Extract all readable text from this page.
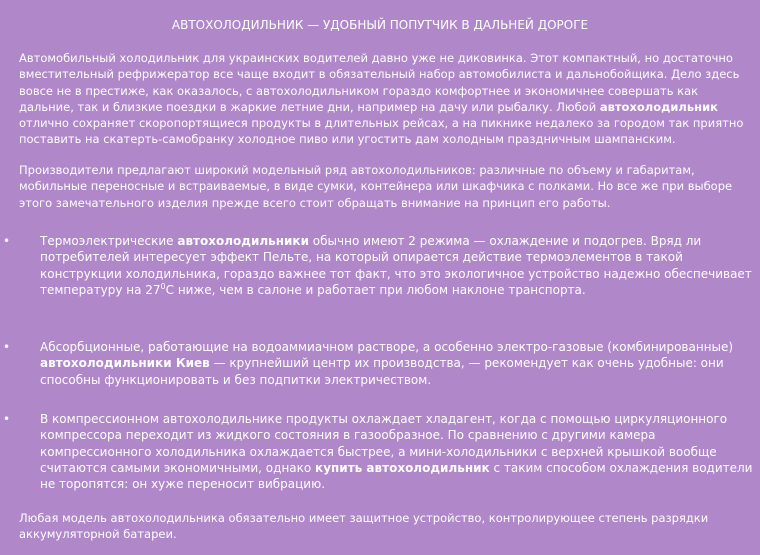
АВТОХОЛОДИЛЬНИК — УДОБНЫЙ ПОПУТЧИК В ДАЛЬНЕЙ ДОРОГЕ

Автомобильный холодильник для украинских водителей давно уже не диковинка. Этот компактный, но достаточно вместительный рефрижератор все чаще входит в обязательный набор автомобилиста и дальнобойщика. Дело здесь вовсе не в престиже, как оказалось, с автохолодильником гораздо комфортнее и экономичнее совершать как дальние, так и близкие поездки в жаркие летние дни, например на дачу или рыбалку. Любой автохолодильник отлично сохраняет скоропортящиеся продукты в длительных рейсах, а на пикнике недалеко за городом так приятно поставить на скатерть-самобранку холодное пиво или угостить дам холодным праздничным шампанским.

Производители предлагают широкий модельный ряд автохолодильников: различные по объему и габаритам, мобильные переносные и встраиваемые, в виде сумки, контейнера или шкафчика с полками. Но все же при выборе этого замечательного изделия прежде всего стоит обращать внимание на принцип его работы.

• Термоэлектрические автохолодильники обычно имеют 2 режима — охлаждение и подогрев. Вряд ли потребителей интересует эффект Пельте, на который опирается действие термоэлементов в такой конструкции холодильника, гораздо важнее тот факт, что это экологичное устройство надежно обеспечивает температуру на $27^0C$ ниже, чем в салоне и работает при любом наклоне транспорта.

• Абсорбционные, работающие на водоаммиачном растворе, а особенно электро-газовые (комбинированные) автохолодильники Киев — крупнейший центр их производства, — рекомендует как очень удобные: они способны функционировать и без подпитки электричеством.

• В компрессионном автохолодильнике продукты охлаждает хладагент, когда с помощью циркуляционного компрессора переходит из жидкого состояния в газообразное. По сравнению с другими камера компрессионного холодильника охлаждается быстрее, а мини-холодильники с верхней крышкой вообще считаются самыми экономичными, однако купить автохолодильник с таким способом охлаждения водители не торопятся: он хуже переносит вибрацию.

Любая модель автохолодильника обязательно имеет защитное устройство, контролирующее степень разрядки аккумуляторной батареи.
